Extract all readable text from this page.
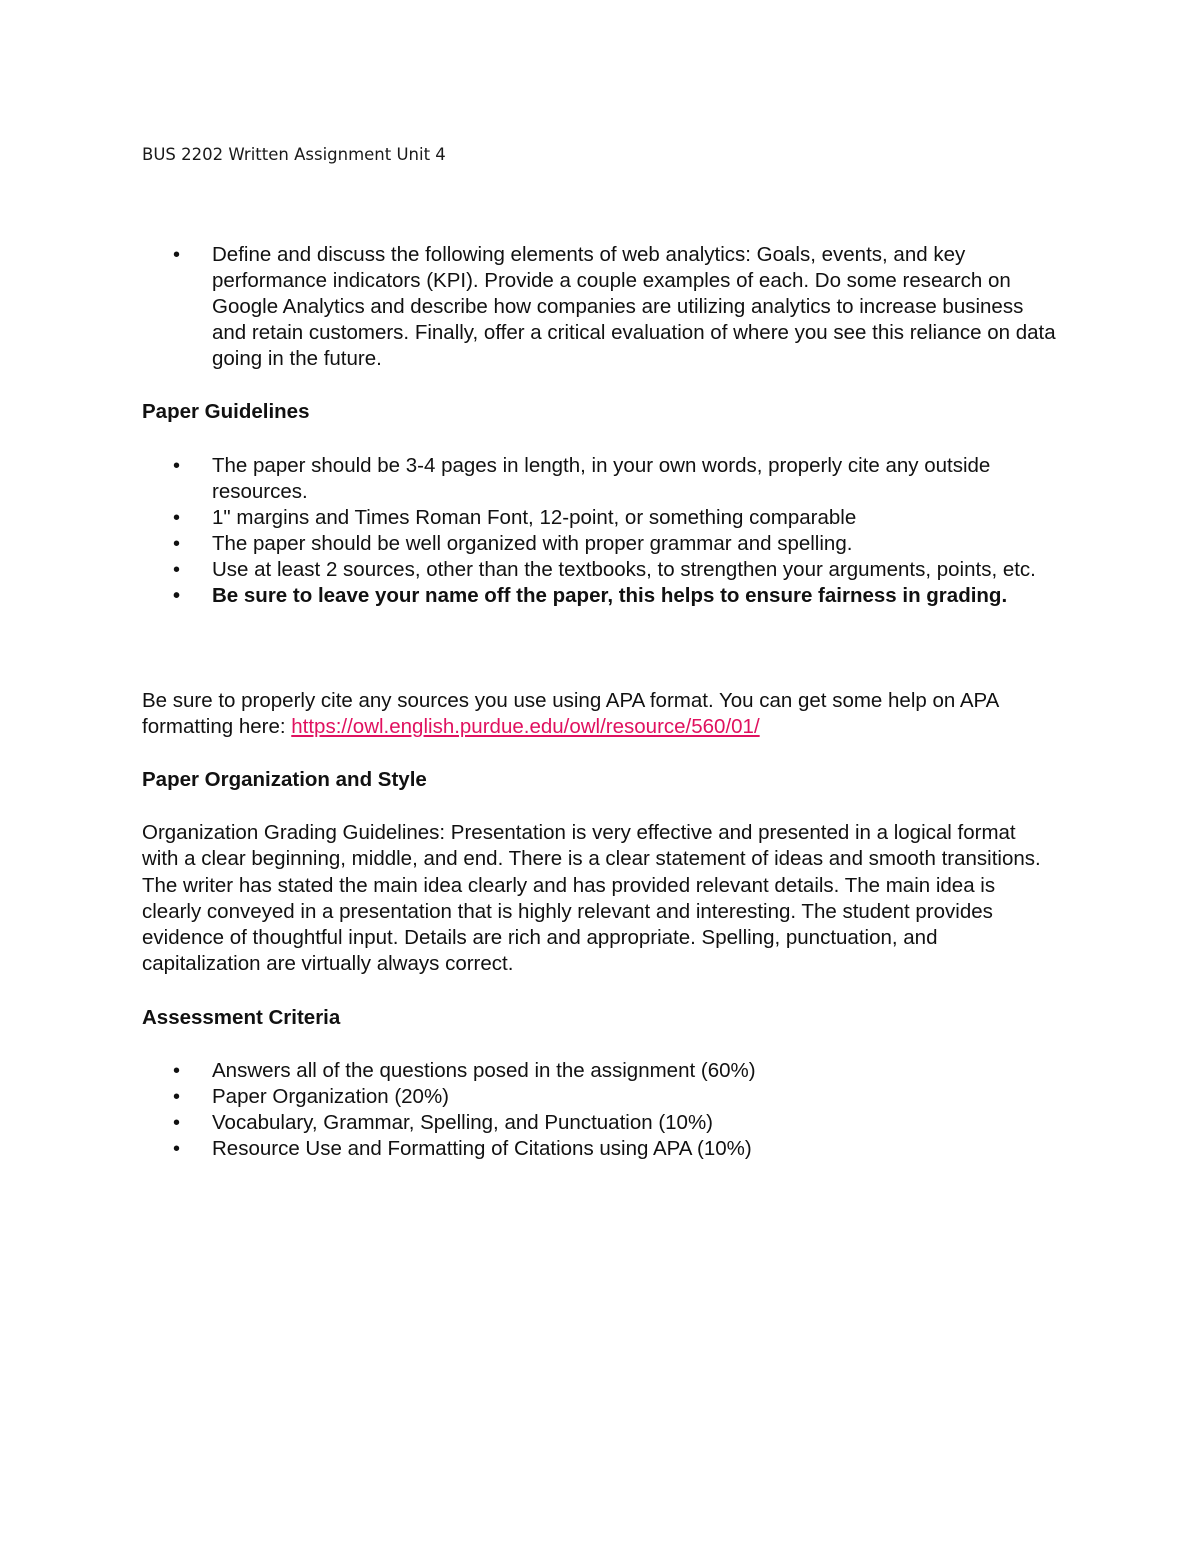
BUS 2202 Written Assignment Unit 4
• Define and discuss the following elements of web analytics: Goals, events, and key performance indicators (KPI). Provide a couple examples of each. Do some research on Google Analytics and describe how companies are utilizing analytics to increase business and retain customers. Finally, offer a critical evaluation of where you see this reliance on data going in the future.
Paper Guidelines
• The paper should be 3-4 pages in length, in your own words, properly cite any outside resources.
• 1" margins and Times Roman Font, 12-point, or something comparable
• The paper should be well organized with proper grammar and spelling.
• Use at least 2 sources, other than the textbooks, to strengthen your arguments, points, etc.
• Be sure to leave your name off the paper, this helps to ensure fairness in grading.
Be sure to properly cite any sources you use using APA format. You can get some help on APA formatting here: https://owl.english.purdue.edu/owl/resource/560/01/
Paper Organization and Style
Organization Grading Guidelines: Presentation is very effective and presented in a logical format with a clear beginning, middle, and end. There is a clear statement of ideas and smooth transitions. The writer has stated the main idea clearly and has provided relevant details. The main idea is clearly conveyed in a presentation that is highly relevant and interesting. The student provides evidence of thoughtful input. Details are rich and appropriate. Spelling, punctuation, and capitalization are virtually always correct.
Assessment Criteria
• Answers all of the questions posed in the assignment (60%)
• Paper Organization (20%)
• Vocabulary, Grammar, Spelling, and Punctuation (10%)
• Resource Use and Formatting of Citations using APA (10%)
